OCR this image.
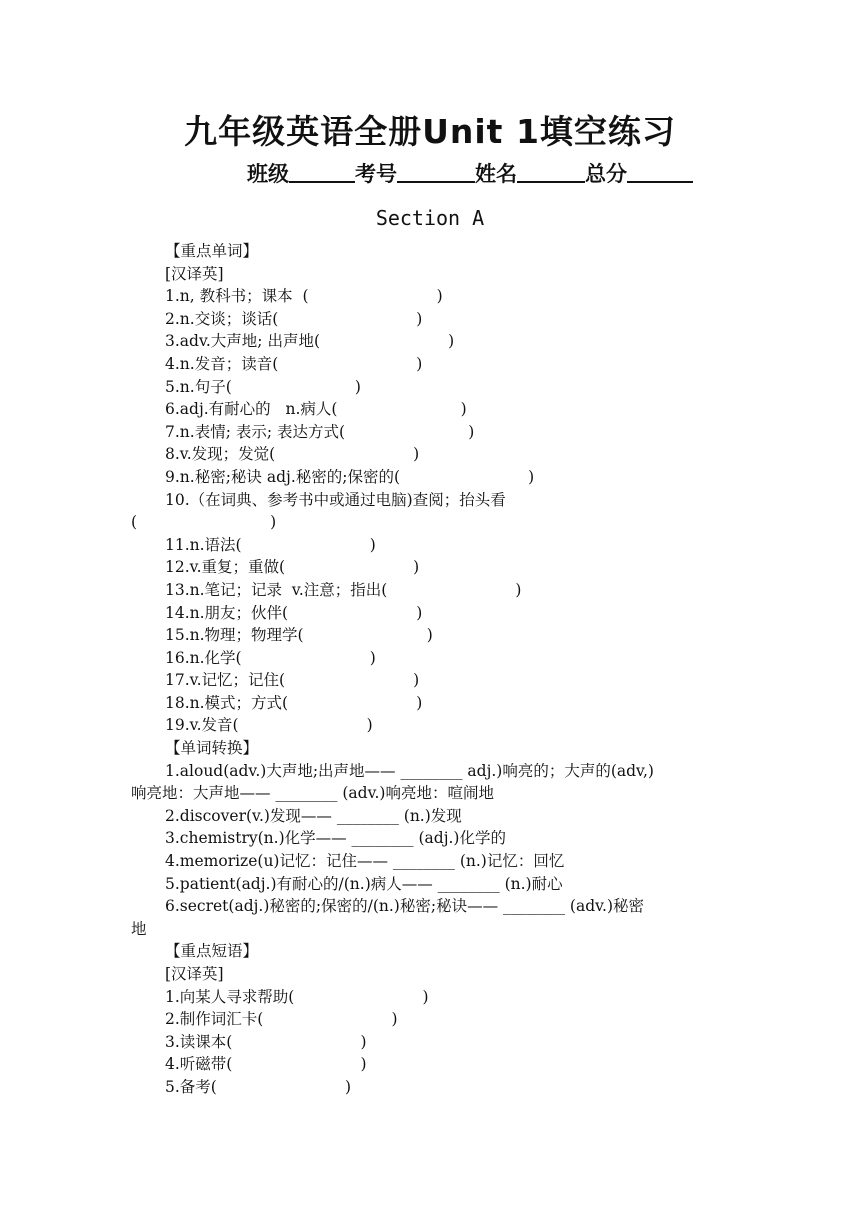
九年级英语全册Unit 1填空练习
班级	考号	姓名	总分
Section A
【重点单词】
[汉译英]
1.n, 教科书；课本  (                          )
2.n.交谈；谈话(                            )
3.adv.大声地; 出声地(                          )
4.n.发音；读音(                            )
5.n.句子(                         )
6.adj.有耐心的   n.病人(                         )
7.n.表情; 表示; 表达方式(                         )
8.v.发现；发觉(                            )
9.n.秘密;秘诀 adj.秘密的;保密的(                          )
10.（在词典、参考书中或通过电脑)查阅；抬头看
(                           )
11.n.语法(                          )
12.v.重复；重做(                          )
13.n.笔记；记录  v.注意；指出(                          )
14.n.朋友；伙伴(                          )
15.n.物理；物理学(                         )
16.n.化学(                          )
17.v.记忆；记住(                          )
18.n.模式；方式(                          )
19.v.发音(                          )
【单词转换】
1.aloud(adv.)大声地;出声地—— ________ adj.)响亮的；大声的(adv,)
响亮地：大声地—— ________ (adv.)响亮地：喧闹地
2.discover(v.)发现—— ________ (n.)发现
3.chemistry(n.)化学—— ________ (adj.)化学的
4.memorize(u)记忆：记住—— ________ (n.)记忆：回忆
5.patient(adj.)有耐心的/(n.)病人—— ________ (n.)耐心
6.secret(adj.)秘密的;保密的/(n.)秘密;秘诀—— ________ (adv.)秘密
地
【重点短语】
[汉译英]
1.向某人寻求帮助(                          )
2.制作词汇卡(                          )
3.读课本(                          )
4.听磁带(                          )
5.备考(                          )
